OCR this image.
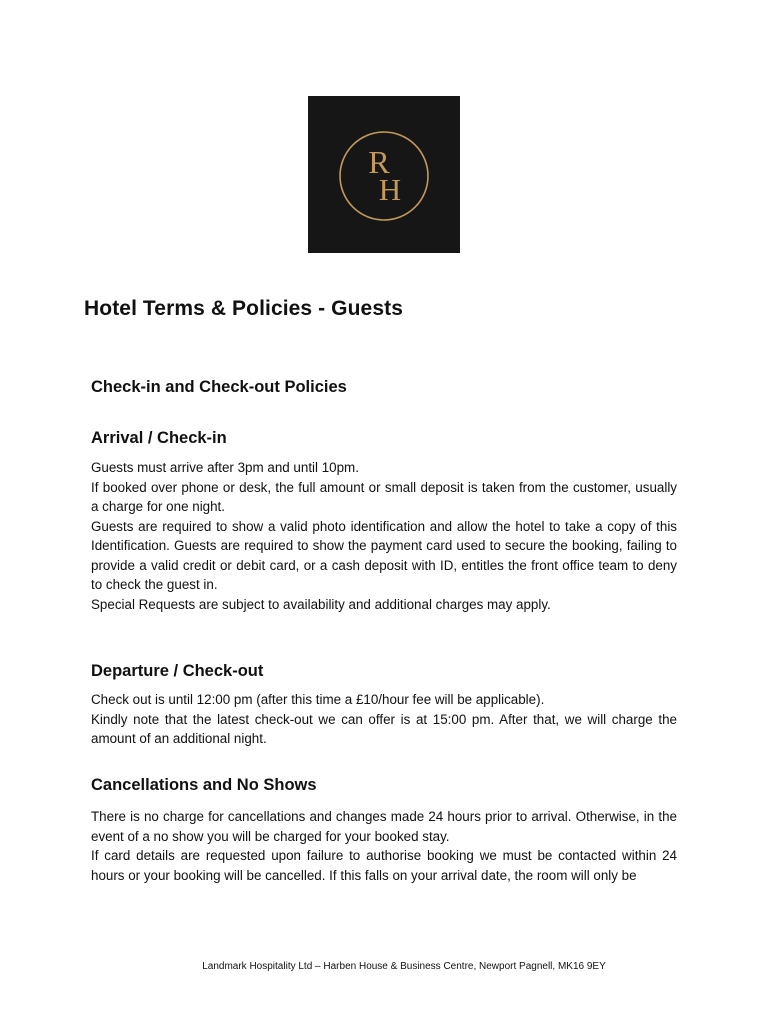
R
H
Hotel Terms & Policies - Guests
Check-in and Check-out Policies
Arrival / Check-in
Guests must arrive after 3pm and until 10pm.
If booked over phone or desk, the full amount or small deposit is taken from the customer, usually a charge for one night.
Guests are required to show a valid photo identification and allow the hotel to take a copy of this Identification. Guests are required to show the payment card used to secure the booking, failing to provide a valid credit or debit card, or a cash deposit with ID, entitles the front office team to deny to check the guest in.
Special Requests are subject to availability and additional charges may apply.
Departure / Check-out
Check out is until 12:00 pm (after this time a £10/hour fee will be applicable).
Kindly note that the latest check-out we can offer is at 15:00 pm. After that, we will charge the amount of an additional night.
Cancellations and No Shows
There is no charge for cancellations and changes made 24 hours prior to arrival. Otherwise, in the event of a no show you will be charged for your booked stay.
If card details are requested upon failure to authorise booking we must be contacted within 24 hours or your booking will be cancelled. If this falls on your arrival date, the room will only be

Landmark Hospitality Ltd – Harben House & Business Centre, Newport Pagnell, MK16 9EY
